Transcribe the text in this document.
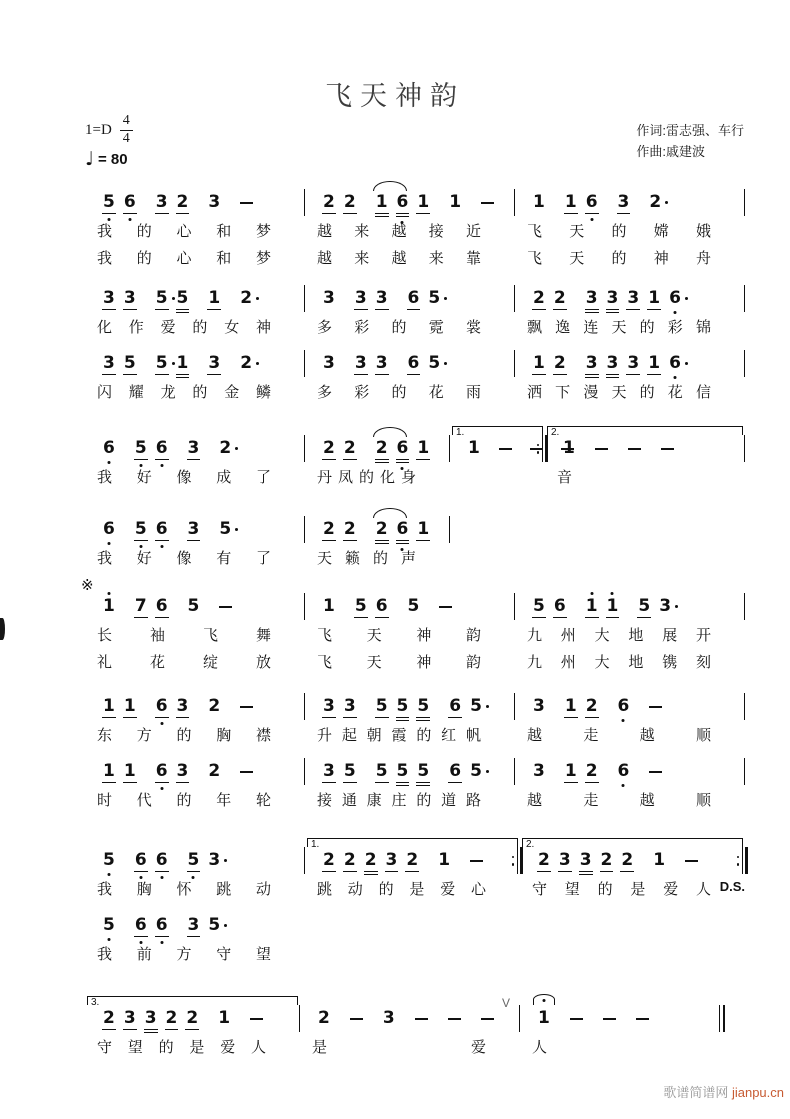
飞天神韵
$1=D \frac{4}{4}$
♩ = 80
作词:雷志强、车行
作曲:戚建波
5 6 3 2 3	2 2 1 6 1 1	1 1 6 3 2
我 的 心 和 梦	越 来 越 接 近	飞 天 的 嫦 娥
我 的 心 和 梦	越 来 越 来 靠	飞 天 的 神 舟
3 3 5 5 1 2	3 3 3 6 5	2 2 3 3 3 1 6
化 作 爱 的 女 神	多 彩 的 霓 裳	飘 逸 连 天 的 彩 锦
3 5 5 1 3 2	3 3 3 6 5	1 2 3 3 3 1 6
闪 耀 龙 的 金 鳞	多 彩 的 花 雨	洒 下 漫 天 的 花 信
6 5 6 3 2	2 2 2 6 1
1.
1
2.
1
我 好 像 成 了	丹 凤 的 化 身	音
6 5 6 3 5	2 2 2 6 1
我 好 像 有 了	天 籁 的 声
※
1 7 6 5	1 5 6 5	5 6 1 1 5 3
长	袖	飞	舞	飞 天 神 韵	九 州 大 地 展 开
礼	花	绽	放	飞 天 神 韵	九 州 大 地 镌 刻
1 1 6 3 2	3 3 5 5 5 6 5	3 1 2 6
东 方 的 胸 襟	升 起 朝 霞 的 红 帆	越	走	越	顺
1 1 6 3 2	3 5 5 5 5 6 5	3 1 2 6
时 代 的 年 轮	接 通 康 庄 的 道 路	越	走	越	顺
5 6 6 5 3
1.
2 2 2 3 2 1
2.
2 3 3 2 2 1
我 胸 怀 跳 动	跳 动 的 是 爱 心	守 望 的 是 爱 人 D.S.
5 6 6 3 5
我 前 方 守 望
3.
2 3 3 2 2 1
V
2	3	1
守 望 的 是 爱 人	是	爱	人
歌谱简谱网 jianpu.cn
